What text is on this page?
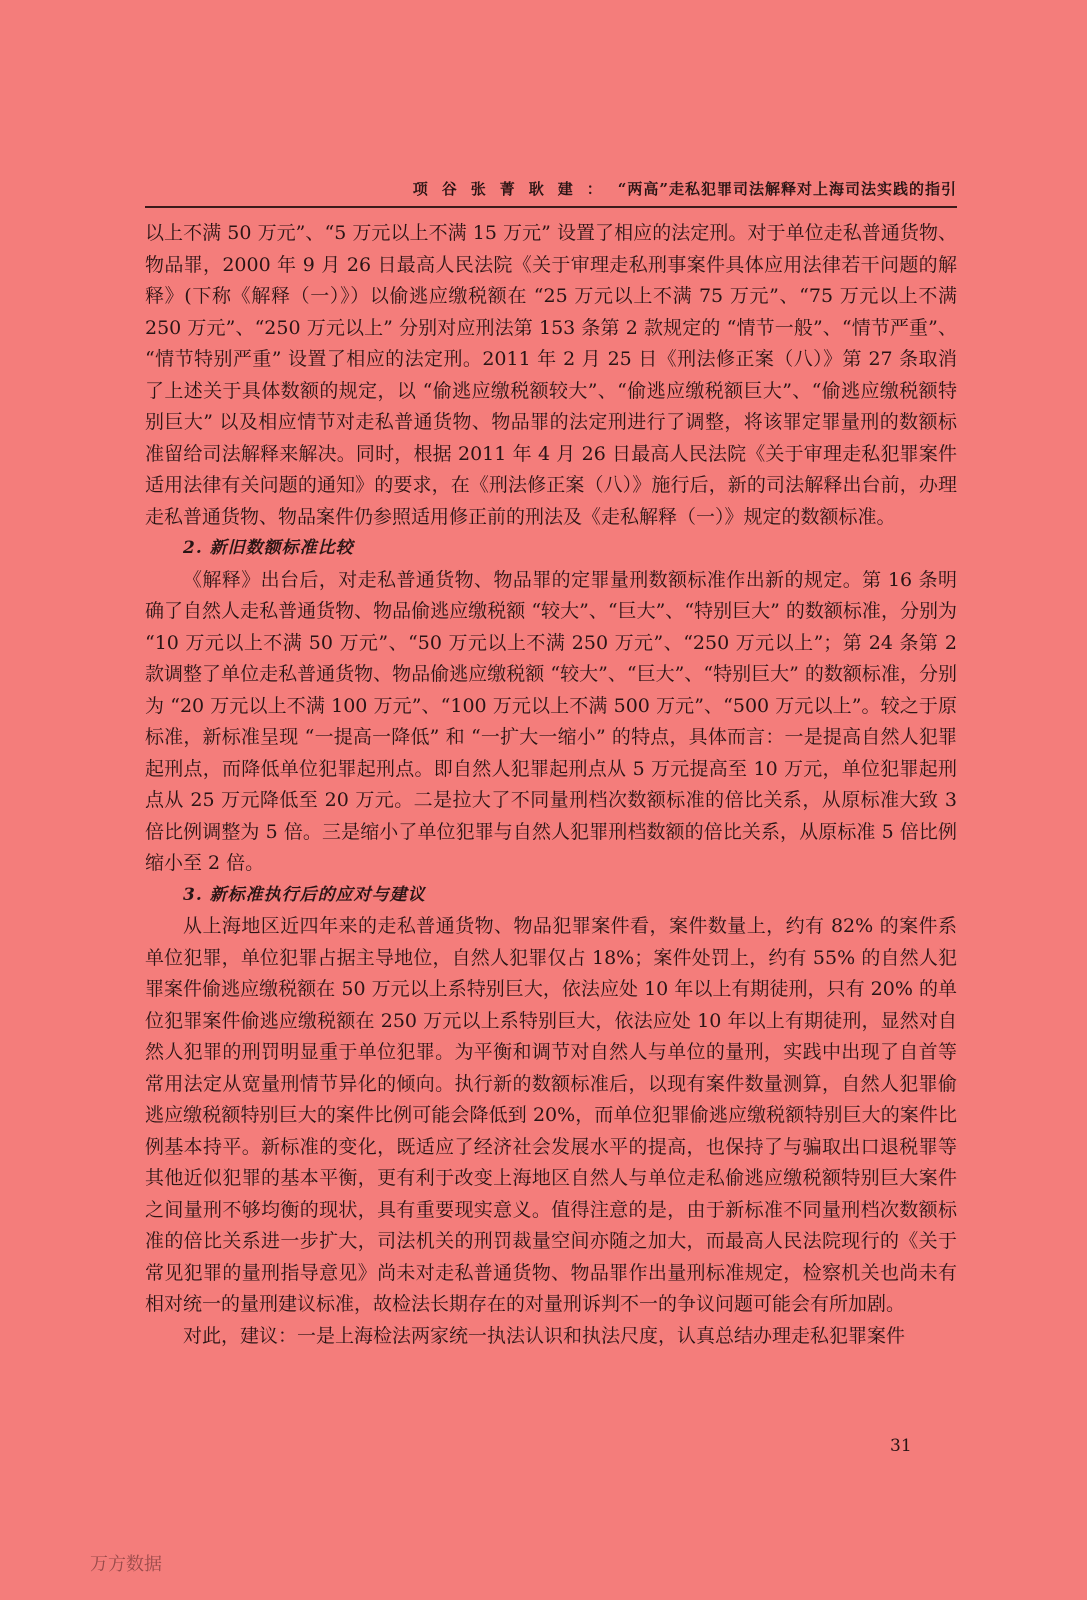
项谷张菁耿建： “两高”走私犯罪司法解释对上海司法实践的指引

以上不满 50 万元”、“5 万元以上不满 15 万元” 设置了相应的法定刑。对于单位走私普通货物、物品罪，2000 年 9 月 26 日最高人民法院《关于审理走私刑事案件具体应用法律若干问题的解释》(下称《解释（一）》）以偷逃应缴税额在 “25 万元以上不满 75 万元”、“75 万元以上不满 250 万元”、“250 万元以上” 分别对应刑法第 153 条第 2 款规定的 “情节一般”、“情节严重”、 “情节特别严重” 设置了相应的法定刑。2011 年 2 月 25 日《刑法修正案（八）》第 27 条取消了上述关于具体数额的规定，以 “偷逃应缴税额较大”、“偷逃应缴税额巨大”、“偷逃应缴税额特别巨大” 以及相应情节对走私普通货物、物品罪的法定刑进行了调整，将该罪定罪量刑的数额标准留给司法解释来解决。同时，根据 2011 年 4 月 26 日最高人民法院《关于审理走私犯罪案件适用法律有关问题的通知》的要求，在《刑法修正案（八）》施行后，新的司法解释出台前，办理走私普通货物、物品案件仍参照适用修正前的刑法及《走私解释（一）》规定的数额标准。

2. 新旧数额标准比较

《解释》出台后，对走私普通货物、物品罪的定罪量刑数额标准作出新的规定。第 16 条明确了自然人走私普通货物、物品偷逃应缴税额 “较大”、“巨大”、“特别巨大” 的数额标准，分别为 “10 万元以上不满 50 万元”、“50 万元以上不满 250 万元”、“250 万元以上”；第 24 条第 2 款调整了单位走私普通货物、物品偷逃应缴税额 “较大”、“巨大”、“特别巨大” 的数额标准，分别为 “20 万元以上不满 100 万元”、“100 万元以上不满 500 万元”、“500 万元以上”。较之于原标准，新标准呈现 “一提高一降低” 和 “一扩大一缩小” 的特点，具体而言：一是提高自然人犯罪起刑点，而降低单位犯罪起刑点。即自然人犯罪起刑点从 5 万元提高至 10 万元，单位犯罪起刑点从 25 万元降低至 20 万元。二是拉大了不同量刑档次数额标准的倍比关系，从原标准大致 3 倍比例调整为 5 倍。三是缩小了单位犯罪与自然人犯罪刑档数额的倍比关系，从原标准 5 倍比例缩小至 2 倍。

3. 新标准执行后的应对与建议

从上海地区近四年来的走私普通货物、物品犯罪案件看，案件数量上，约有 82% 的案件系单位犯罪，单位犯罪占据主导地位，自然人犯罪仅占 18%；案件处罚上，约有 55% 的自然人犯罪案件偷逃应缴税额在 50 万元以上系特别巨大，依法应处 10 年以上有期徒刑，只有 20% 的单位犯罪案件偷逃应缴税额在 250 万元以上系特别巨大，依法应处 10 年以上有期徒刑，显然对自然人犯罪的刑罚明显重于单位犯罪。为平衡和调节对自然人与单位的量刑，实践中出现了自首等常用法定从宽量刑情节异化的倾向。执行新的数额标准后，以现有案件数量测算，自然人犯罪偷逃应缴税额特别巨大的案件比例可能会降低到 20%，而单位犯罪偷逃应缴税额特别巨大的案件比例基本持平。新标准的变化，既适应了经济社会发展水平的提高，也保持了与骗取出口退税罪等其他近似犯罪的基本平衡，更有利于改变上海地区自然人与单位走私偷逃应缴税额特别巨大案件之间量刑不够均衡的现状，具有重要现实意义。值得注意的是，由于新标准不同量刑档次数额标准的倍比关系进一步扩大，司法机关的刑罚裁量空间亦随之加大，而最高人民法院现行的《关于常见犯罪的量刑指导意见》尚未对走私普通货物、物品罪作出量刑标准规定，检察机关也尚未有相对统一的量刑建议标准，故检法长期存在的对量刑诉判不一的争议问题可能会有所加剧。

对此，建议：一是上海检法两家统一执法认识和执法尺度，认真总结办理走私犯罪案件

31
万方数据
